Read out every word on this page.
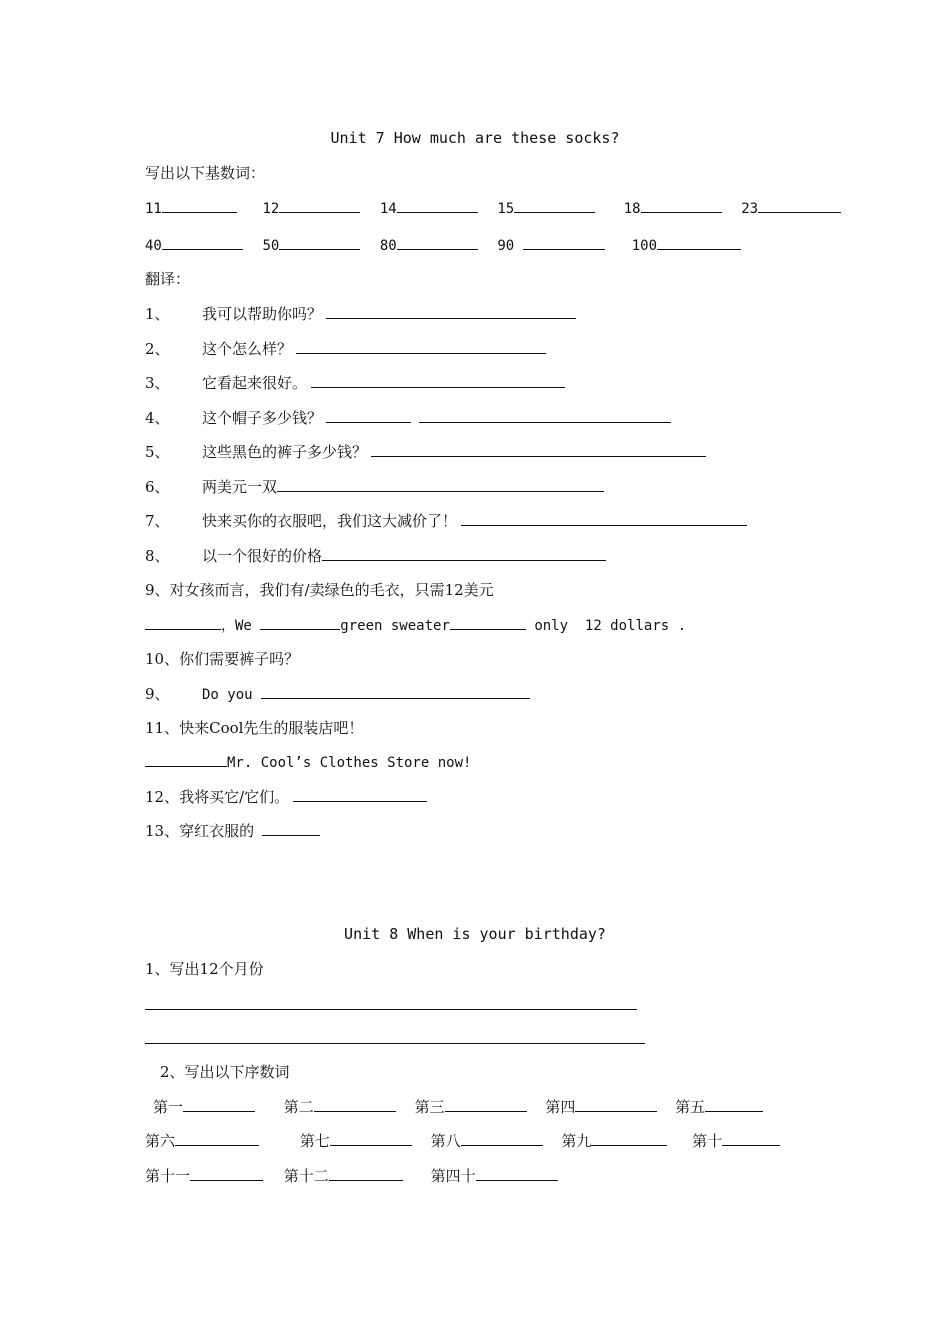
Unit 7 How much are these socks?
写出以下基数词：
11	12	14	15	18	23
40	50	80	90	100
翻译：
1、 我可以帮助你吗？
2、 这个怎么样？
3、 它看起来很好。
4、 这个帽子多少钱？
5、 这些黑色的裤子多少钱？
6、 两美元一双
7、 快来买你的衣服吧，我们这大减价了！
8、 以一个很好的价格
9、对女孩而言，我们有/卖绿色的毛衣，只需12美元
，We	green sweater	only  12 dollars .
10、你们需要裤子吗？
9、 Do you
11、快来Cool先生的服装店吧！
Mr. Cool’s Clothes Store now!
12、我将买它/它们。
13、穿红衣服的
Unit 8 When is your birthday?
1、写出12个月份
2、写出以下序数词
第一	第二	第三	第四	第五
第六	第七	第八	第九	第十
第十一	第十二	第四十
